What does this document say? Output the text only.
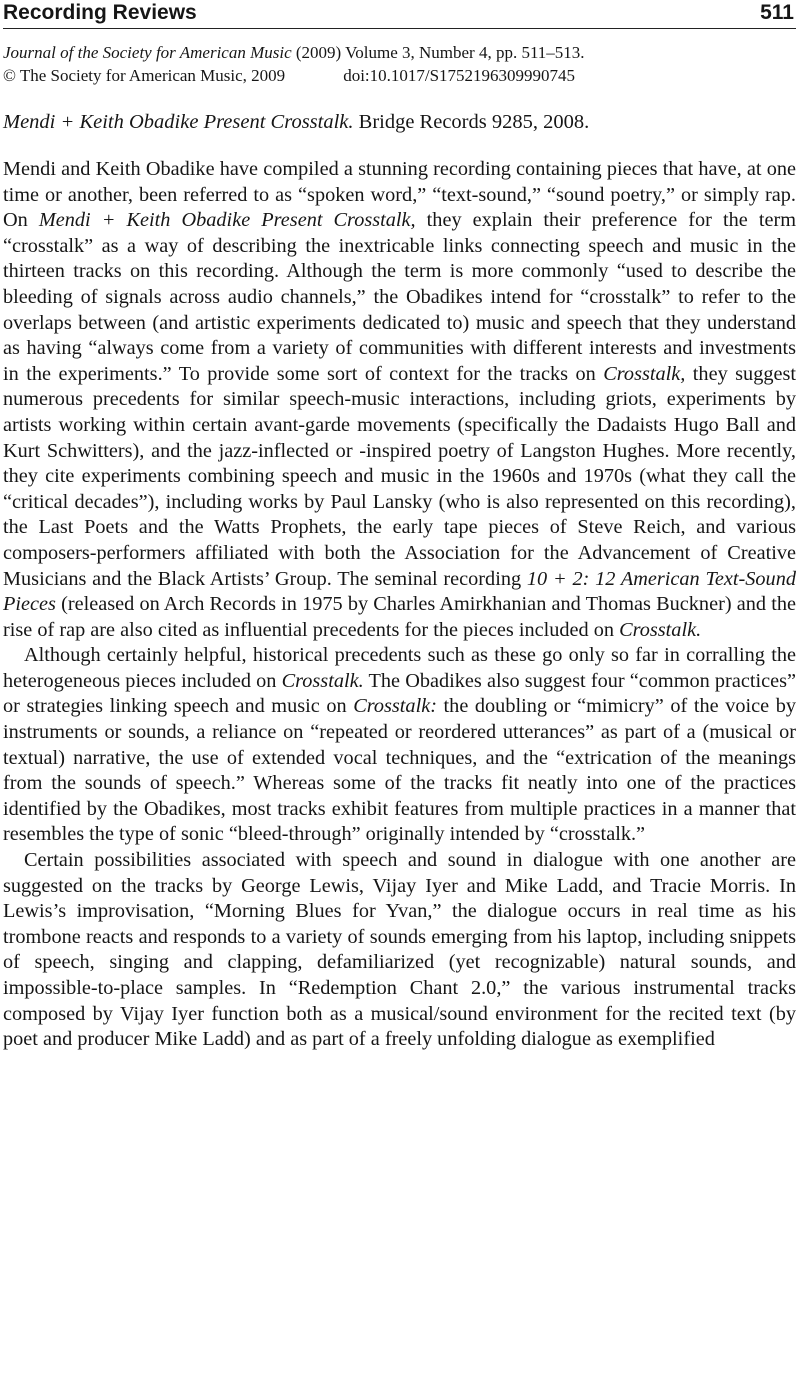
Recording Reviews	511
Journal of the Society for American Music (2009) Volume 3, Number 4, pp. 511–513.
© The Society for American Music, 2009	doi:10.1017/S1752196309990745
Mendi + Keith Obadike Present Crosstalk. Bridge Records 9285, 2008.

Mendi and Keith Obadike have compiled a stunning recording containing pieces that have, at one time or another, been referred to as “spoken word,” “text-sound,” “sound poetry,” or simply rap. On Mendi + Keith Obadike Present Crosstalk, they explain their preference for the term “crosstalk” as a way of describing the inextricable links connecting speech and music in the thirteen tracks on this recording. Although the term is more commonly “used to describe the bleeding of signals across audio channels,” the Obadikes intend for “crosstalk” to refer to the overlaps between (and artistic experiments dedicated to) music and speech that they understand as having “always come from a variety of communities with different interests and investments in the experiments.” To provide some sort of context for the tracks on Crosstalk, they suggest numerous precedents for similar speech-music interactions, including griots, experiments by artists working within certain avant-garde movements (specifically the Dadaists Hugo Ball and Kurt Schwitters), and the jazz-inflected or -inspired poetry of Langston Hughes. More recently, they cite experiments combining speech and music in the 1960s and 1970s (what they call the “critical decades”), including works by Paul Lansky (who is also represented on this recording), the Last Poets and the Watts Prophets, the early tape pieces of Steve Reich, and various composers-performers affiliated with both the Association for the Advancement of Creative Musicians and the Black Artists’ Group. The seminal recording 10 + 2: 12 American Text-Sound Pieces (released on Arch Records in 1975 by Charles Amirkhanian and Thomas Buckner) and the rise of rap are also cited as influential precedents for the pieces included on Crosstalk.

Although certainly helpful, historical precedents such as these go only so far in corralling the heterogeneous pieces included on Crosstalk. The Obadikes also suggest four “common practices” or strategies linking speech and music on Crosstalk: the doubling or “mimicry” of the voice by instruments or sounds, a reliance on “repeated or reordered utterances” as part of a (musical or textual) narrative, the use of extended vocal techniques, and the “extrication of the meanings from the sounds of speech.” Whereas some of the tracks fit neatly into one of the practices identified by the Obadikes, most tracks exhibit features from multiple practices in a manner that resembles the type of sonic “bleed-through” originally intended by “crosstalk.”

Certain possibilities associated with speech and sound in dialogue with one another are suggested on the tracks by George Lewis, Vijay Iyer and Mike Ladd, and Tracie Morris. In Lewis’s improvisation, “Morning Blues for Yvan,” the dialogue occurs in real time as his trombone reacts and responds to a variety of sounds emerging from his laptop, including snippets of speech, singing and clapping, defamiliarized (yet recognizable) natural sounds, and impossible-to-place samples. In “Redemption Chant 2.0,” the various instrumental tracks composed by Vijay Iyer function both as a musical/sound environment for the recited text (by poet and producer Mike Ladd) and as part of a freely unfolding dialogue as exemplified
